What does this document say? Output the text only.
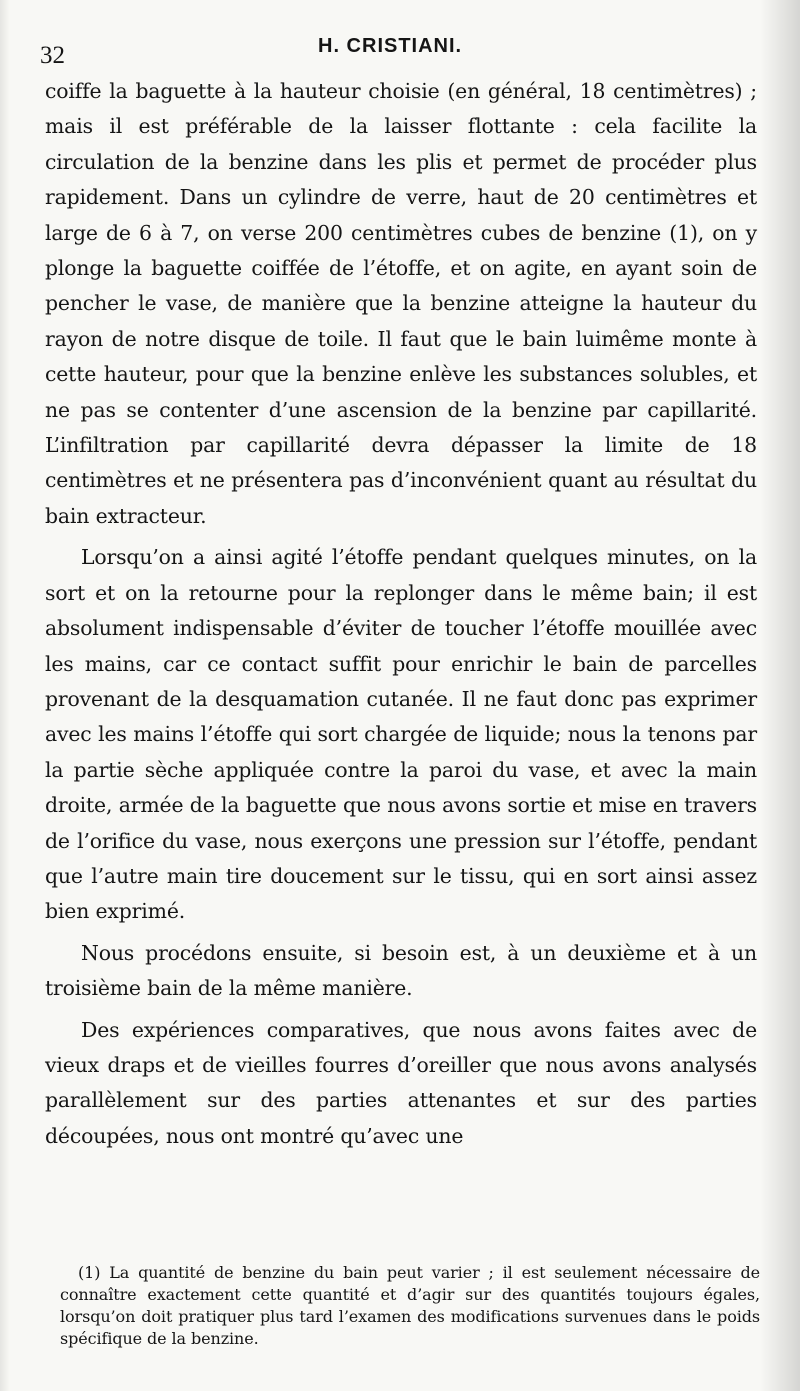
32	H. CRISTIANI.

coiffe la baguette à la hauteur choisie (en général, 18 centimètres) ; mais il est préférable de la laisser flottante : cela facilite la circulation de la benzine dans les plis et permet de procéder plus rapidement. Dans un cylindre de verre, haut de 20 centimètres et large de 6 à 7, on verse 200 centimètres cubes de benzine (1), on y plonge la baguette coiffée de l’étoffe, et on agite, en ayant soin de pencher le vase, de manière que la benzine atteigne la hauteur du rayon de notre disque de toile. Il faut que le bain luimême monte à cette hauteur, pour que la benzine enlève les substances solubles, et ne pas se contenter d’une ascension de la benzine par capillarité. L’infiltration par capillarité devra dépasser la limite de 18 centimètres et ne présentera pas d’inconvénient quant au résultat du bain extracteur.

Lorsqu’on a ainsi agité l’étoffe pendant quelques minutes, on la sort et on la retourne pour la replonger dans le même bain; il est absolument indispensable d’éviter de toucher l’étoffe mouillée avec les mains, car ce contact suffit pour enrichir le bain de parcelles provenant de la desquamation cutanée. Il ne faut donc pas exprimer avec les mains l’étoffe qui sort chargée de liquide; nous la tenons par la partie sèche appliquée contre la paroi du vase, et avec la main droite, armée de la baguette que nous avons sortie et mise en travers de l’orifice du vase, nous exerçons une pression sur l’étoffe, pendant que l’autre main tire doucement sur le tissu, qui en sort ainsi assez bien exprimé.

Nous procédons ensuite, si besoin est, à un deuxième et à un troisième bain de la même manière.

Des expériences comparatives, que nous avons faites avec de vieux draps et de vieilles fourres d’oreiller que nous avons analysés parallèlement sur des parties attenantes et sur des parties découpées, nous ont montré qu’avec une

(1) La quantité de benzine du bain peut varier ; il est seulement nécessaire de connaître exactement cette quantité et d’agir sur des quantités toujours égales, lorsqu’on doit pratiquer plus tard l’examen des modifications survenues dans le poids spécifique de la benzine.
